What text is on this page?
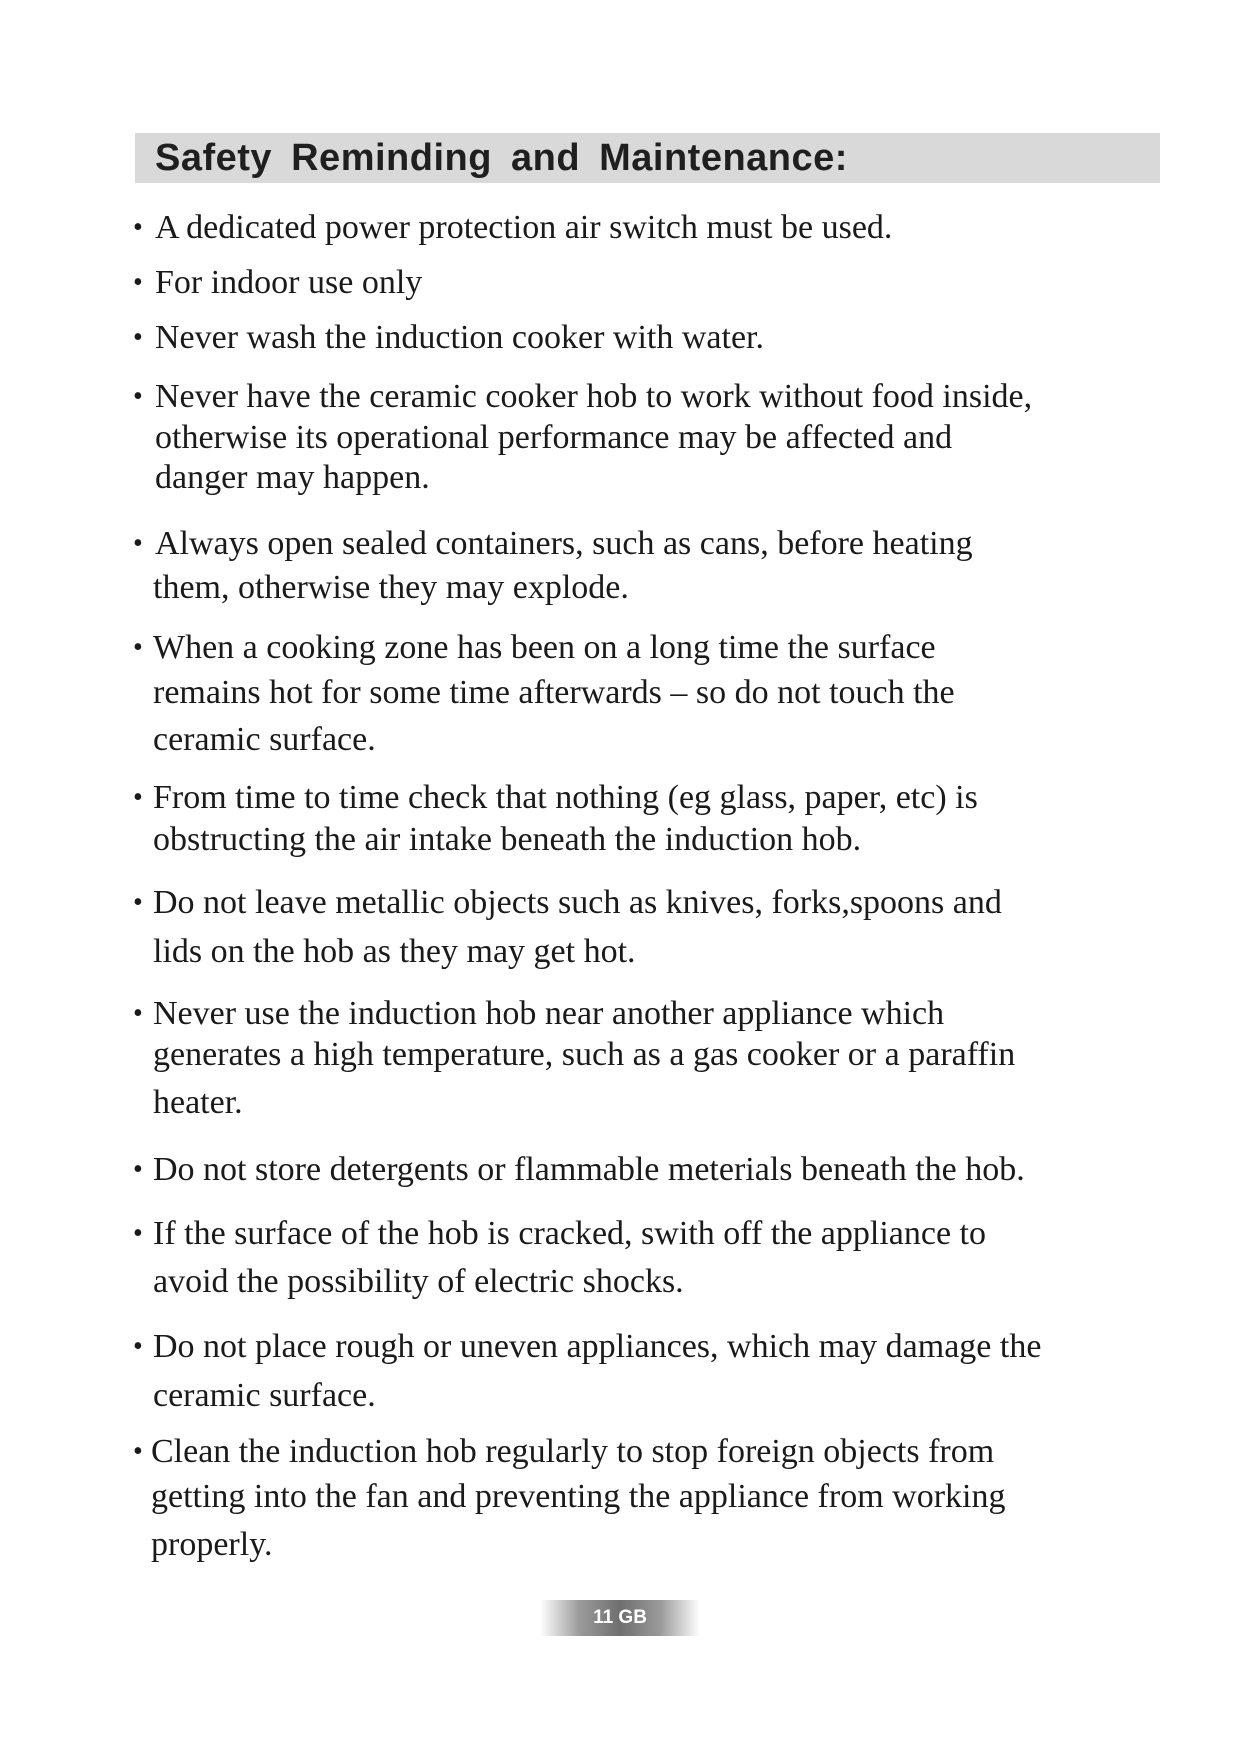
Safety Reminding and Maintenance:
• A dedicated power protection air switch must be used.
• For indoor use only
• Never wash the induction cooker with water.
• Never have the ceramic cooker hob to work without food inside,
otherwise its operational performance may be affected and
danger may happen.
• Always open sealed containers, such as cans, before heating
them, otherwise they may explode.
• When a cooking zone has been on a long time the surface
remains hot for some time afterwards – so do not touch the
ceramic surface.
• From time to time check that nothing (eg glass, paper, etc) is
obstructing the air intake beneath the induction hob.
• Do not leave metallic objects such as knives, forks,spoons and
lids on the hob as they may get hot.
• Never use the induction hob near another appliance which
generates a high temperature, such as a gas cooker or a paraffin
heater.
• Do not store detergents or flammable meterials beneath the hob.
• If the surface of the hob is cracked, swith off the appliance to
avoid the possibility of electric shocks.
• Do not place rough or uneven appliances, which may damage the
ceramic surface.
• Clean the induction hob regularly to stop foreign objects from
getting into the fan and preventing the appliance from working
properly.
11 GB
